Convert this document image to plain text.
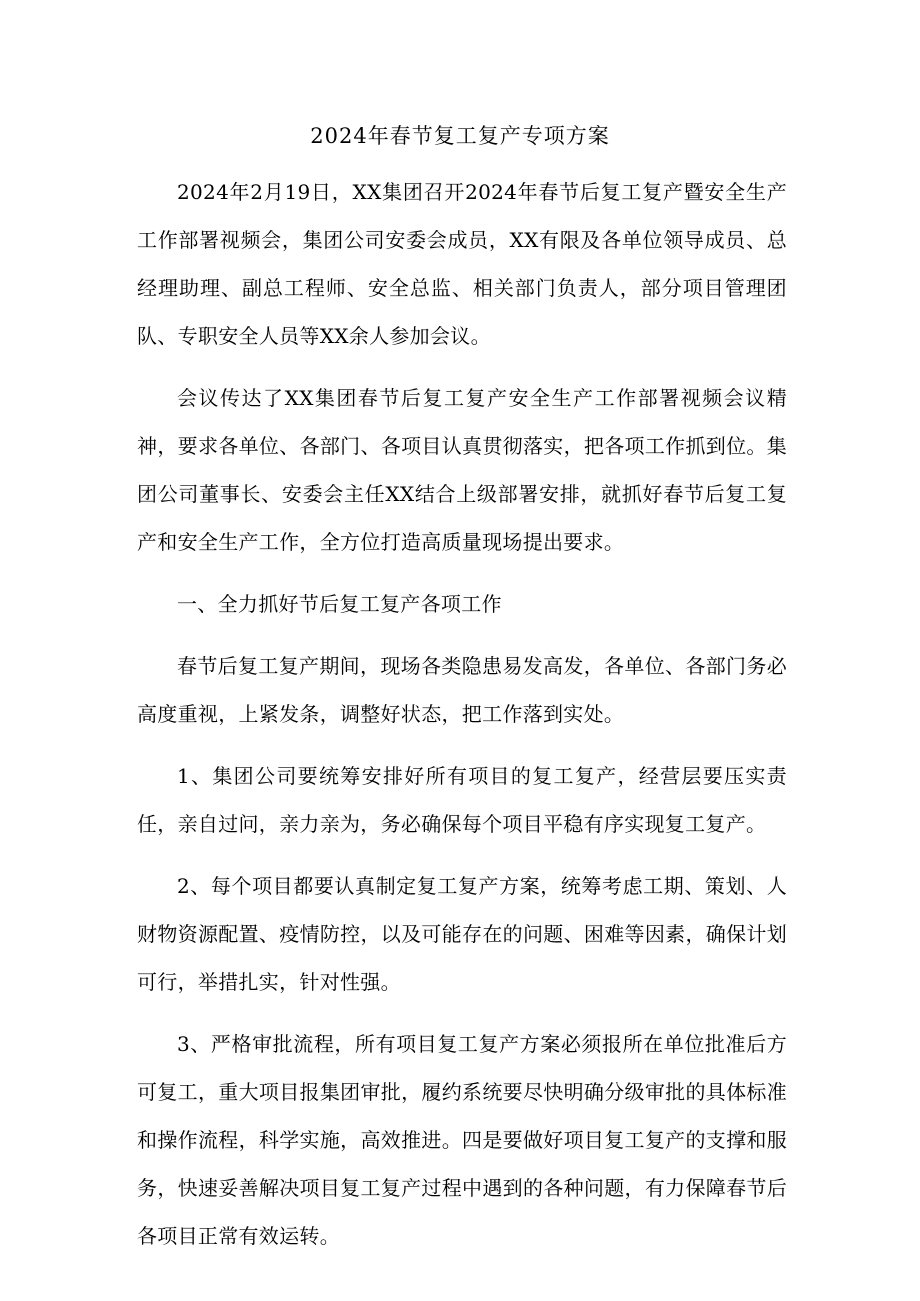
2024年春节复工复产专项方案

2024年2月19日，XX集团召开2024年春节后复工复产暨安全生产工作部署视频会，集团公司安委会成员，XX有限及各单位领导成员、总经理助理、副总工程师、安全总监、相关部门负责人，部分项目管理团队、专职安全人员等XX余人参加会议。

会议传达了XX集团春节后复工复产安全生产工作部署视频会议精神，要求各单位、各部门、各项目认真贯彻落实，把各项工作抓到位。集团公司董事长、安委会主任XX结合上级部署安排，就抓好春节后复工复产和安全生产工作，全方位打造高质量现场提出要求。

一、全力抓好节后复工复产各项工作

春节后复工复产期间，现场各类隐患易发高发，各单位、各部门务必高度重视，上紧发条，调整好状态，把工作落到实处。

1、集团公司要统筹安排好所有项目的复工复产，经营层要压实责任，亲自过问，亲力亲为，务必确保每个项目平稳有序实现复工复产。

2、每个项目都要认真制定复工复产方案，统筹考虑工期、策划、人财物资源配置、疫情防控，以及可能存在的问题、困难等因素，确保计划可行，举措扎实，针对性强。

3、严格审批流程，所有项目复工复产方案必须报所在单位批准后方可复工，重大项目报集团审批，履约系统要尽快明确分级审批的具体标准和操作流程，科学实施，高效推进。四是要做好项目复工复产的支撑和服务，快速妥善解决项目复工复产过程中遇到的各种问题，有力保障春节后各项目正常有效运转。
